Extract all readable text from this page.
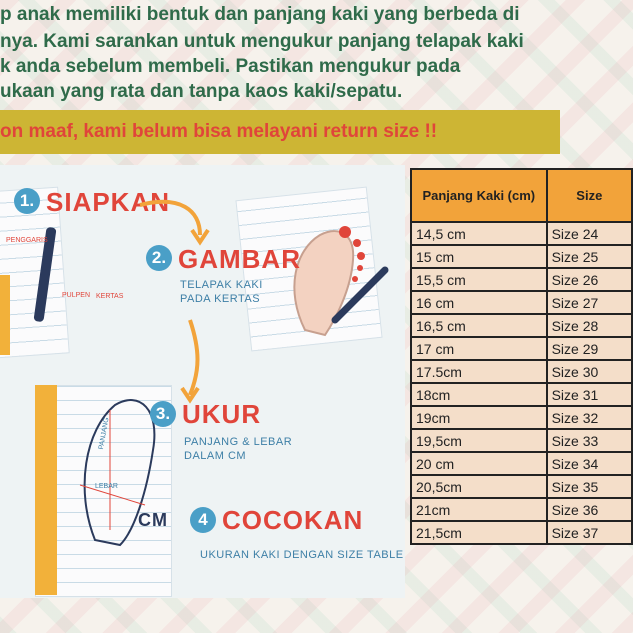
p anak memiliki bentuk dan panjang kaki yang berbeda di
nya. Kami sarankan untuk mengukur panjang telapak kaki
k anda sebelum membeli. Pastikan mengukur pada
ukaan yang rata dan tanpa kaos kaki/sepatu.
on maaf, kami belum bisa melayani return size !!
PENGGARIS
PULPEN KERTAS
1. SIAPKAN
2. GAMBAR
TELAPAK KAKI
PADA KERTAS
PANJANG
LEBAR
CM
3. UKUR
PANJANG & LEBAR
DALAM CM
4 COCOKAN
UKURAN KAKI DENGAN SIZE TABLE
Panjang Kaki (cm)	Size
14,5 cm	Size 24
15 cm	Size 25
15,5 cm	Size 26
16 cm	Size 27
16,5 cm	Size 28
17 cm	Size 29
17.5cm	Size 30
18cm	Size 31
19cm	Size 32
19,5cm	Size 33
20 cm	Size 34
20,5cm	Size 35
21cm	Size 36
21,5cm	Size 37
